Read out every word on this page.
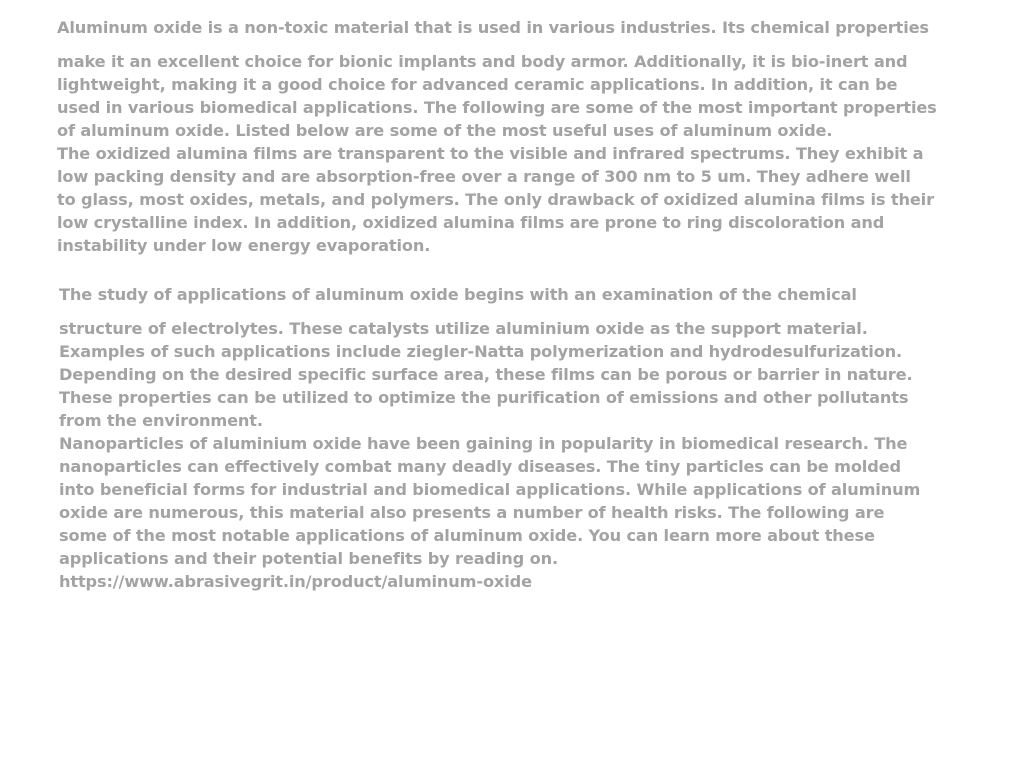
Aluminum oxide is a non-toxic material that is used in various industries. Its chemical properties
make it an excellent choice for bionic implants and body armor. Additionally, it is bio-inert and
lightweight, making it a good choice for advanced ceramic applications. In addition, it can be
used in various biomedical applications. The following are some of the most important properties
of aluminum oxide. Listed below are some of the most useful uses of aluminum oxide.
The oxidized alumina films are transparent to the visible and infrared spectrums. They exhibit a
low packing density and are absorption-free over a range of 300 nm to 5 um. They adhere well
to glass, most oxides, metals, and polymers. The only drawback of oxidized alumina films is their
low crystalline index. In addition, oxidized alumina films are prone to ring discoloration and
instability under low energy evaporation.
The study of applications of aluminum oxide begins with an examination of the chemical
structure of electrolytes. These catalysts utilize aluminium oxide as the support material.
Examples of such applications include ziegler-Natta polymerization and hydrodesulfurization.
Depending on the desired specific surface area, these films can be porous or barrier in nature.
These properties can be utilized to optimize the purification of emissions and other pollutants
from the environment.
Nanoparticles of aluminium oxide have been gaining in popularity in biomedical research. The
nanoparticles can effectively combat many deadly diseases. The tiny particles can be molded
into beneficial forms for industrial and biomedical applications. While applications of aluminum
oxide are numerous, this material also presents a number of health risks. The following are
some of the most notable applications of aluminum oxide. You can learn more about these
applications and their potential benefits by reading on.
https://www.abrasivegrit.in/product/aluminum-oxide
